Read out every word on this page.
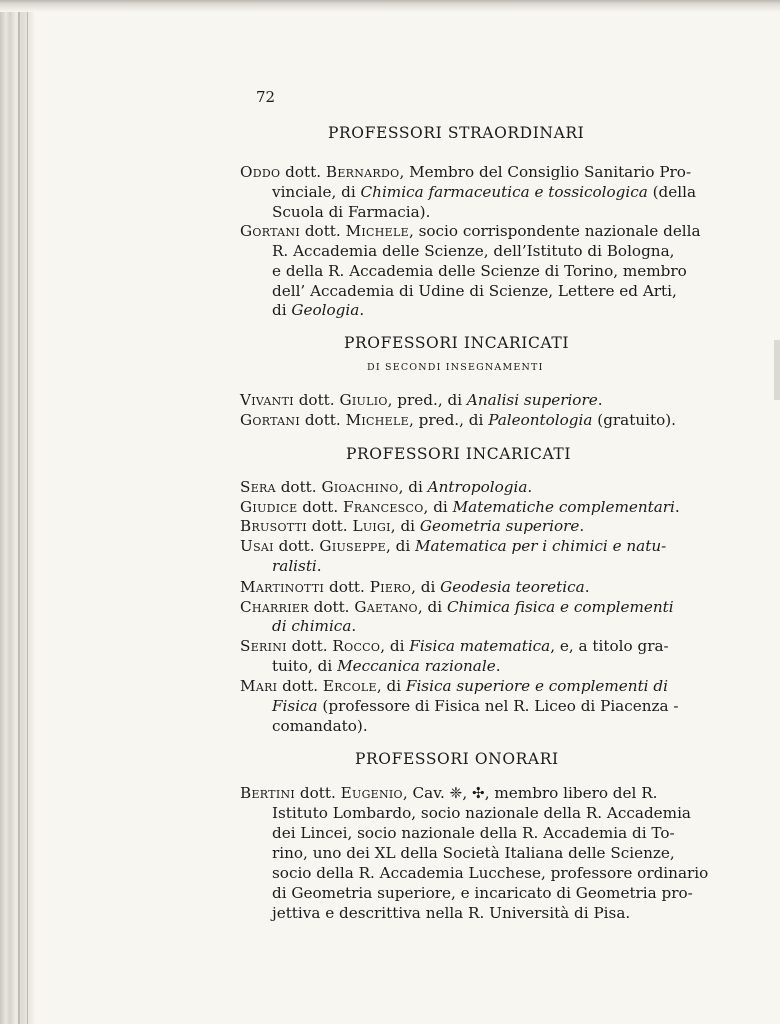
72
PROFESSORI STRAORDINARI
Oddo dott. Bernardo, Membro del Consiglio Sanitario Pro-
vinciale, di Chimica farmaceutica e tossicologica (della
Scuola di Farmacia).
Gortani dott. Michele, socio corrispondente nazionale della
R. Accademia delle Scienze, dell’Istituto di Bologna,
e della R. Accademia delle Scienze di Torino, membro
dell’ Accademia di Udine di Scienze, Lettere ed Arti,
di Geologia.
PROFESSORI INCARICATI
DI SECONDI INSEGNAMENTI
Vivanti dott. Giulio, pred., di Analisi superiore.
Gortani dott. Michele, pred., di Paleontologia (gratuito).
PROFESSORI INCARICATI
Sera dott. Gioachino, di Antropologia.
Giudice dott. Francesco, di Matematiche complementari.
Brusotti dott. Luigi, di Geometria superiore.
Usai dott. Giuseppe, di Matematica per i chimici e natu-
ralisti.
Martinotti dott. Piero, di Geodesia teoretica.
Charrier dott. Gaetano, di Chimica fisica e complementi
di chimica.
Serini dott. Rocco, di Fisica matematica, e, a titolo gra-
tuito, di Meccanica razionale.
Mari dott. Ercole, di Fisica superiore e complementi di
Fisica (professore di Fisica nel R. Liceo di Piacenza -
comandato).
PROFESSORI ONORARI
Bertini dott. Eugenio, Cav. ❈, ✣, membro libero del R.
Istituto Lombardo, socio nazionale della R. Accademia
dei Lincei, socio nazionale della R. Accademia di To-
rino, uno dei XL della Società Italiana delle Scienze,
socio della R. Accademia Lucchese, professore ordinario
di Geometria superiore, e incaricato di Geometria pro-
jettiva e descrittiva nella R. Università di Pisa.
